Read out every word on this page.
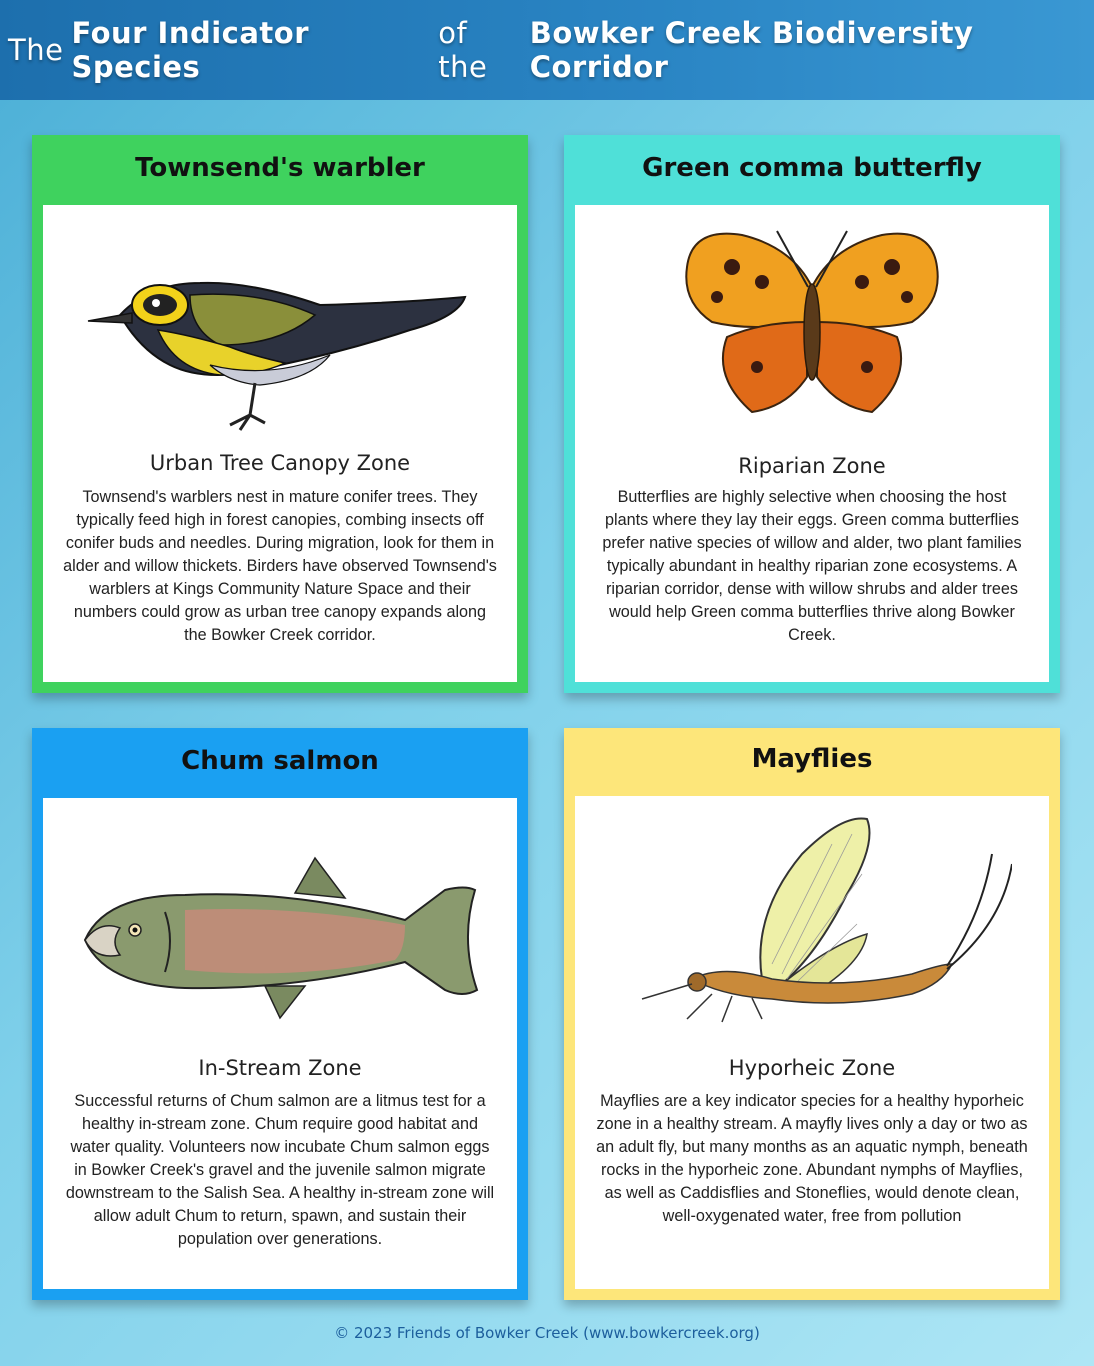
The Four Indicator Species
of the
Bowker Creek Biodiversity Corridor
Townsend's warbler
Urban Tree Canopy Zone
Townsend's warblers nest in mature conifer trees. They typically feed high in forest canopies, combing insects off conifer buds and needles. During migration, look for them in alder and willow thickets. Birders have observed Townsend's warblers at Kings Community Nature Space and their numbers could grow as urban tree canopy expands along the Bowker Creek corridor.
Green comma butterfly
Riparian Zone
Butterflies are highly selective when choosing the host plants where they lay their eggs. Green comma butterflies prefer native species of willow and alder, two plant families typically abundant in healthy riparian zone ecosystems. A riparian corridor, dense with willow shrubs and alder trees would help Green comma butterflies thrive along Bowker Creek.
Chum salmon
In-Stream Zone
Successful returns of Chum salmon are a litmus test for a healthy in-stream zone. Chum require good habitat and water quality. Volunteers now incubate Chum salmon eggs in Bowker Creek's gravel and the juvenile salmon migrate downstream to the Salish Sea. A healthy in-stream zone will allow adult Chum to return, spawn, and sustain their population over generations.
Mayflies
Hyporheic Zone
Mayflies are a key indicator species for a healthy hyporheic zone in a healthy stream. A mayfly lives only a day or two as an adult fly, but many months as an aquatic nymph, beneath rocks in the hyporheic zone. Abundant nymphs of Mayflies, as well as Caddisflies and Stoneflies, would denote clean, well-oxygenated water, free from pollution
© 2023 Friends of Bowker Creek (www.bowkercreek.org)
